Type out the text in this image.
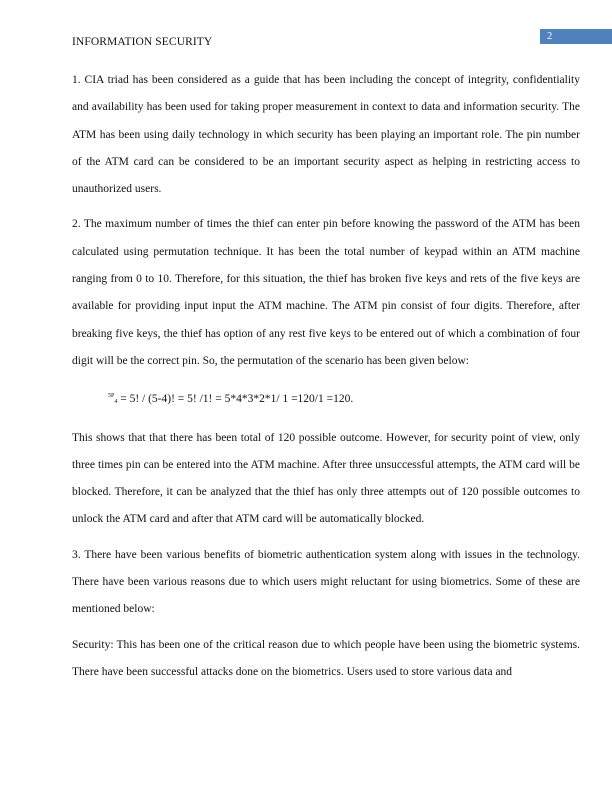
2
INFORMATION SECURITY

1. CIA triad has been considered as a guide that has been including the concept of integrity, confidentiality and availability has been used for taking proper measurement in context to data and information security. The ATM has been using daily technology in which security has been playing an important role. The pin number of the ATM card can be considered to be an important security aspect as helping in restricting access to unauthorized users.

2. The maximum number of times the thief can enter pin before knowing the password of the ATM has been calculated using permutation technique. It has been the total number of keypad within an ATM machine ranging from 0 to 10. Therefore, for this situation, the thief has broken five keys and rets of the five keys are available for providing input input the ATM machine. The ATM pin consist of four digits. Therefore, after breaking five keys, the thief has option of any rest five keys to be entered out of which a combination of four digit will be the correct pin. So, the permutation of the scenario has been given below:

$^{5P}$4 = 5! / (5-4)! = 5! /1! = 5*4*3*2*1/ 1 =120/1 =120.

This shows that that there has been total of 120 possible outcome. However, for security point of view, only three times pin can be entered into the ATM machine. After three unsuccessful attempts, the ATM card will be blocked. Therefore, it can be analyzed that the thief has only three attempts out of 120 possible outcomes to unlock the ATM card and after that ATM card will be automatically blocked.

3. There have been various benefits of biometric authentication system along with issues in the technology. There have been various reasons due to which users might reluctant for using biometrics. Some of these are mentioned below:

Security: This has been one of the critical reason due to which people have been using the biometric systems. There have been successful attacks done on the biometrics. Users used to store various data and
